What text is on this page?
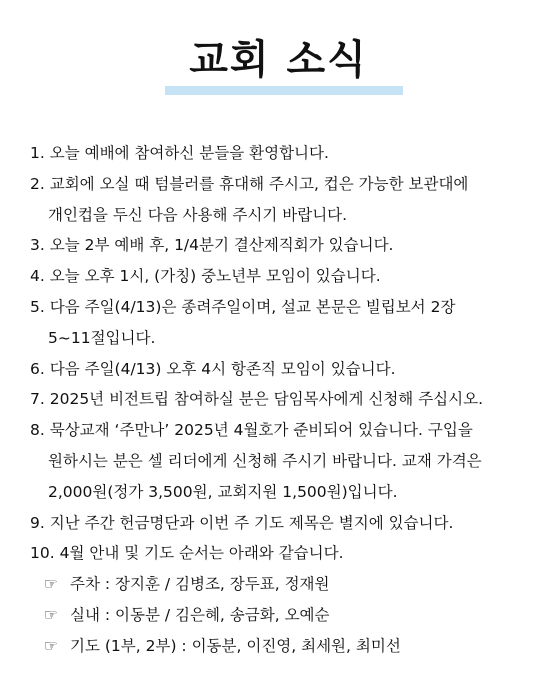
교회 소식
1. 오늘 예배에 참여하신 분들을 환영합니다.
2. 교회에 오실 때 텀블러를 휴대해 주시고, 컵은 가능한 보관대에
개인컵을 두신 다음 사용해 주시기 바랍니다.
3. 오늘 2부 예배 후, 1/4분기 결산제직회가 있습니다.
4. 오늘 오후 1시, (가칭) 중노년부 모임이 있습니다.
5. 다음 주일(4/13)은 종려주일이며, 설교 본문은 빌립보서 2장
5~11절입니다.
6. 다음 주일(4/13) 오후 4시 항존직 모임이 있습니다.
7. 2025년 비전트립 참여하실 분은 담임목사에게 신청해 주십시오.
8. 묵상교재 ‘주만나’ 2025년 4월호가 준비되어 있습니다. 구입을
원하시는 분은 셀 리더에게 신청해 주시기 바랍니다. 교재 가격은
2,000원(정가 3,500원, 교회지원 1,500원)입니다.
9. 지난 주간 헌금명단과 이번 주 기도 제목은 별지에 있습니다.
10. 4월 안내 및 기도 순서는 아래와 같습니다.
☞ 주차 : 장지훈 / 김병조, 장두표, 정재원
☞ 실내 : 이동분 / 김은혜, 송금화, 오예순
☞ 기도 (1부, 2부) : 이동분, 이진영, 최세원, 최미선
